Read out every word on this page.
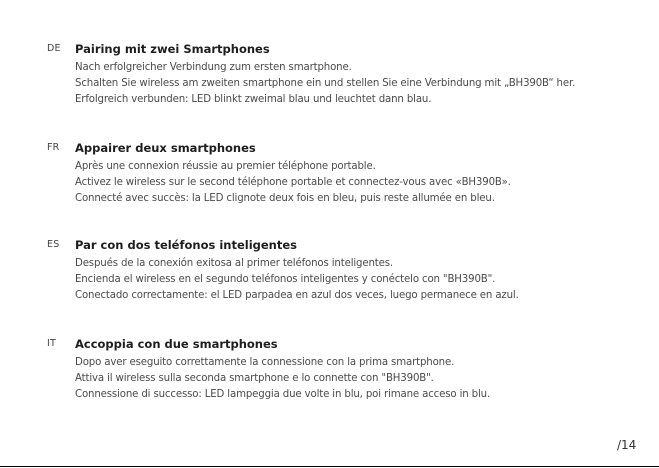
DE Pairing mit zwei Smartphones
Nach erfolgreicher Verbindung zum ersten smartphone.
Schalten Sie wireless am zweiten smartphone ein und stellen Sie eine Verbindung mit „BH390B“ her.
Erfolgreich verbunden: LED blinkt zweimal blau und leuchtet dann blau.
FR Appairer deux smartphones
Après une connexion réussie au premier téléphone portable.
Activez le wireless sur le second téléphone portable et connectez-vous avec «BH390B».
Connecté avec succès: la LED clignote deux fois en bleu, puis reste allumée en bleu.
ES Par con dos teléfonos inteligentes
Después de la conexión exitosa al primer teléfonos inteligentes.
Encienda el wireless en el segundo teléfonos inteligentes y conéctelo con "BH390B".
Conectado correctamente: el LED parpadea en azul dos veces, luego permanece en azul.
IT Accoppia con due smartphones
Dopo aver eseguito correttamente la connessione con la prima smartphone.
Attiva il wireless sulla seconda smartphone e lo connette con "BH390B".
Connessione di successo: LED lampeggia due volte in blu, poi rimane acceso in blu.
/14
